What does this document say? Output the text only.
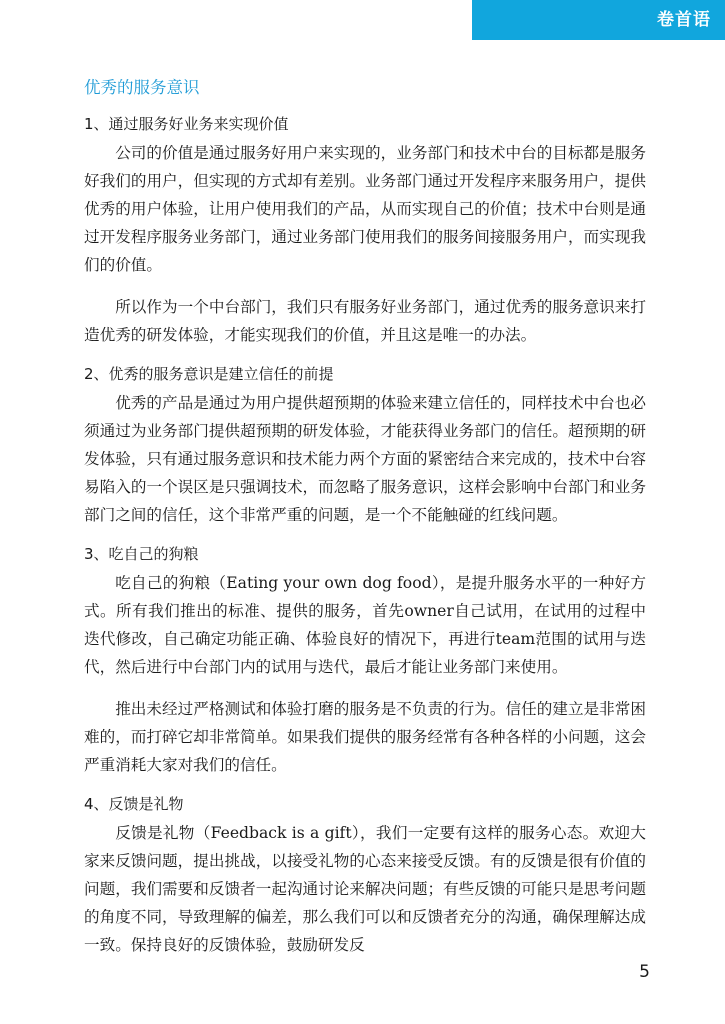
卷首语
优秀的服务意识
1、通过服务好业务来实现价值

公司的价值是通过服务好用户来实现的，业务部门和技术中台的目标都是服务好我们的用户，但实现的方式却有差别。业务部门通过开发程序来服务用户，提供优秀的用户体验，让用户使用我们的产品，从而实现自己的价值；技术中台则是通过开发程序服务业务部门，通过业务部门使用我们的服务间接服务用户，而实现我们的价值。

所以作为一个中台部门，我们只有服务好业务部门，通过优秀的服务意识来打造优秀的研发体验，才能实现我们的价值，并且这是唯一的办法。

2、优秀的服务意识是建立信任的前提

优秀的产品是通过为用户提供超预期的体验来建立信任的，同样技术中台也必须通过为业务部门提供超预期的研发体验，才能获得业务部门的信任。超预期的研发体验，只有通过服务意识和技术能力两个方面的紧密结合来完成的，技术中台容易陷入的一个误区是只强调技术，而忽略了服务意识，这样会影响中台部门和业务部门之间的信任，这个非常严重的问题，是一个不能触碰的红线问题。

3、吃自己的狗粮

吃自己的狗粮（Eating your own dog food），是提升服务水平的一种好方式。所有我们推出的标准、提供的服务，首先owner自己试用，在试用的过程中迭代修改，自己确定功能正确、体验良好的情况下，再进行team范围的试用与迭代，然后进行中台部门内的试用与迭代，最后才能让业务部门来使用。

推出未经过严格测试和体验打磨的服务是不负责的行为。信任的建立是非常困难的，而打碎它却非常简单。如果我们提供的服务经常有各种各样的小问题，这会严重消耗大家对我们的信任。

4、反馈是礼物

反馈是礼物（Feedback is a gift），我们一定要有这样的服务心态。欢迎大家来反馈问题，提出挑战，以接受礼物的心态来接受反馈。有的反馈是很有价值的问题，我们需要和反馈者一起沟通讨论来解决问题；有些反馈的可能只是思考问题的角度不同，导致理解的偏差，那么我们可以和反馈者充分的沟通，确保理解达成一致。保持良好的反馈体验，鼓励研发反

5
